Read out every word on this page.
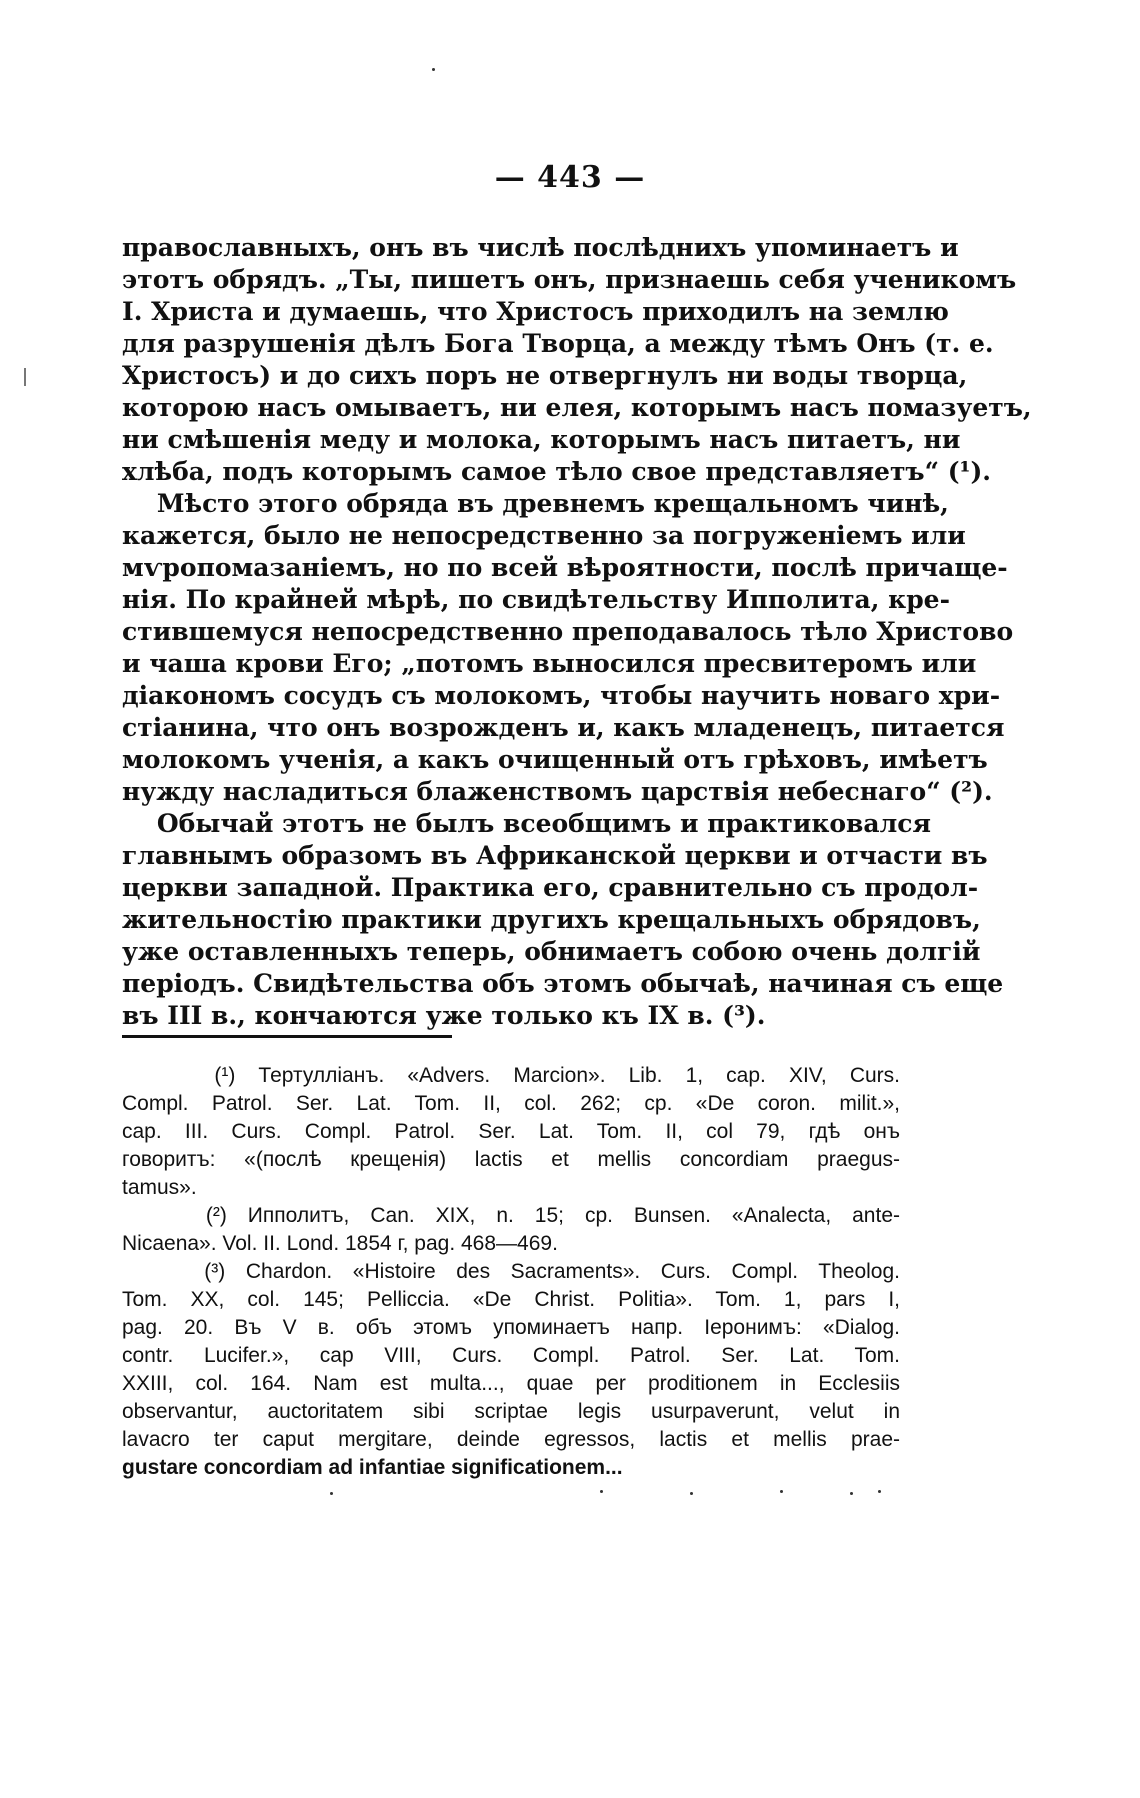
— 443 —
православныхъ, онъ въ числѣ послѣднихъ упоминаетъ и
этотъ обрядъ. „Ты, пишетъ онъ, признаешь себя ученикомъ
І. Христа и думаешь, что Христосъ приходилъ на землю
для разрушенія дѣлъ Бога Творца, а между тѣмъ Онъ (т. е.
Христосъ) и до сихъ поръ не отвергнулъ ни воды творца,
которою насъ омываетъ, ни елея, которымъ насъ помазуетъ,
ни смѣшенія меду и молока, которымъ насъ питаетъ, ни
хлѣба, подъ которымъ самое тѣло свое представляетъ“ (¹).
Мѣсто этого обряда въ древнемъ крещальномъ чинѣ,
кажется, было не непосредственно за погруженіемъ или
мѵропомазаніемъ, но по всей вѣроятности, послѣ причаще-
нія. По крайней мѣрѣ, по свидѣтельству Ипполита, кре-
стившемуся непосредственно преподавалось тѣло Христово
и чаша крови Его; „потомъ выносился пресвитеромъ или
діакономъ сосудъ съ молокомъ, чтобы научить новаго хри-
стіанина, что онъ возрожденъ и, какъ младенецъ, питается
молокомъ ученія, а какъ очищенный отъ грѣховъ, имѣетъ
нужду насладиться блаженствомъ царствія небеснаго“ (²).
Обычай этотъ не былъ всеобщимъ и практиковался
главнымъ образомъ въ Африканской церкви и отчасти въ
церкви западной. Практика его, сравнительно съ продол-
жительностію практики другихъ крещальныхъ обрядовъ,
уже оставленныхъ теперь, обнимаетъ собою очень долгій
періодъ. Свидѣтельства объ этомъ обычаѣ, начиная съ еще
въ III в., кончаются уже только къ IX в. (³).
(¹) Тертулліанъ. «Advers. Marcion». Lib. 1, cap. XIV, Curs.
Compl. Patrol. Ser. Lat. Tom. II, col. 262; cp. «De coron. milit.»,
cap. III. Curs. Compl. Patrol. Ser. Lat. Tom. II, col 79, гдѣ онъ
говоритъ: «(послѣ крещенія) lactis et mellis concordiam praegus-
tamus».
(²) Ипполитъ, Can. XIX, n. 15; cp. Bunsen. «Analecta, ante-
Nicaena». Vol. II. Lond. 1854 г, pag. 468—469.
(³) Chardon. «Histoire des Sacraments». Curs. Compl. Theolog.
Tom. XX, col. 145; Pelliccia. «De Christ. Politia». Tom. 1, pars I,
pag. 20. Въ V в. объ этомъ упоминаетъ напр. Іеронимъ: «Dialog.
contr. Lucifer.», cap VIII, Curs. Compl. Patrol. Ser. Lat. Tom.
XXIII, col. 164. Nam est multa..., quae per proditionem in Ecclesiis
observantur, auctoritatem sibi scriptae legis usurpaverunt, velut in
lavacro ter caput mergitare, deinde egressos, lactis et mellis prae-
gustare concordiam ad infantiae significationem...
